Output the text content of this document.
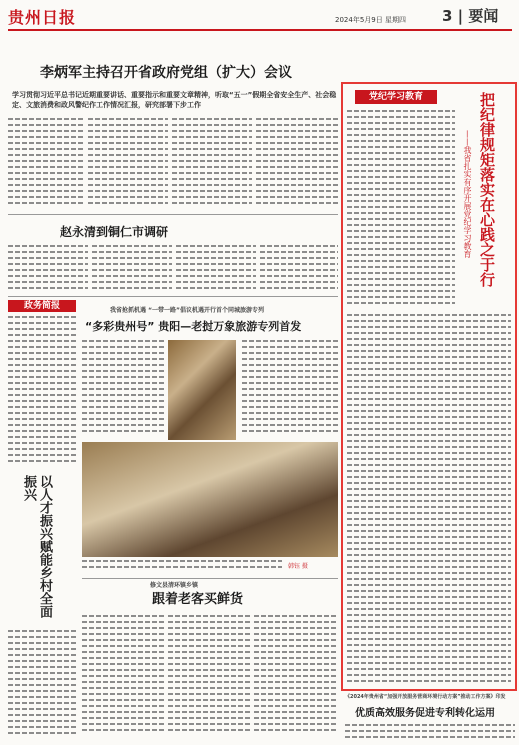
贵州日报	2024年5月9日 星期四 3 | 要闻
李炳军主持召开省政府党组（扩大）会议
学习贯彻习近平总书记近期重要讲话、重要指示和重要文章精神，听取“五一”假期全省安全生产、社会稳定、文旅消费和政风警纪作工作情况汇报，研究部署下步工作
赵永清到铜仁市调研
政务简报
以人才振兴赋能乡村全面振兴
我省抢抓机遇 “一带一路”倡议机遇开行首个同城旅游专列
“多彩贵州号” 贵阳—老挝万象旅游专列首发
韩钰 摄
修文县清环镇乡镇
跟着老客买鲜货
党纪学习教育	把纪律规矩落实在心践之于行
——我省扎实有序开展党纪学习教育
《2024年贵州省“加强开放服务营商环境行动方案”推动工作方案》印发
优质高效服务促进专利转化运用
